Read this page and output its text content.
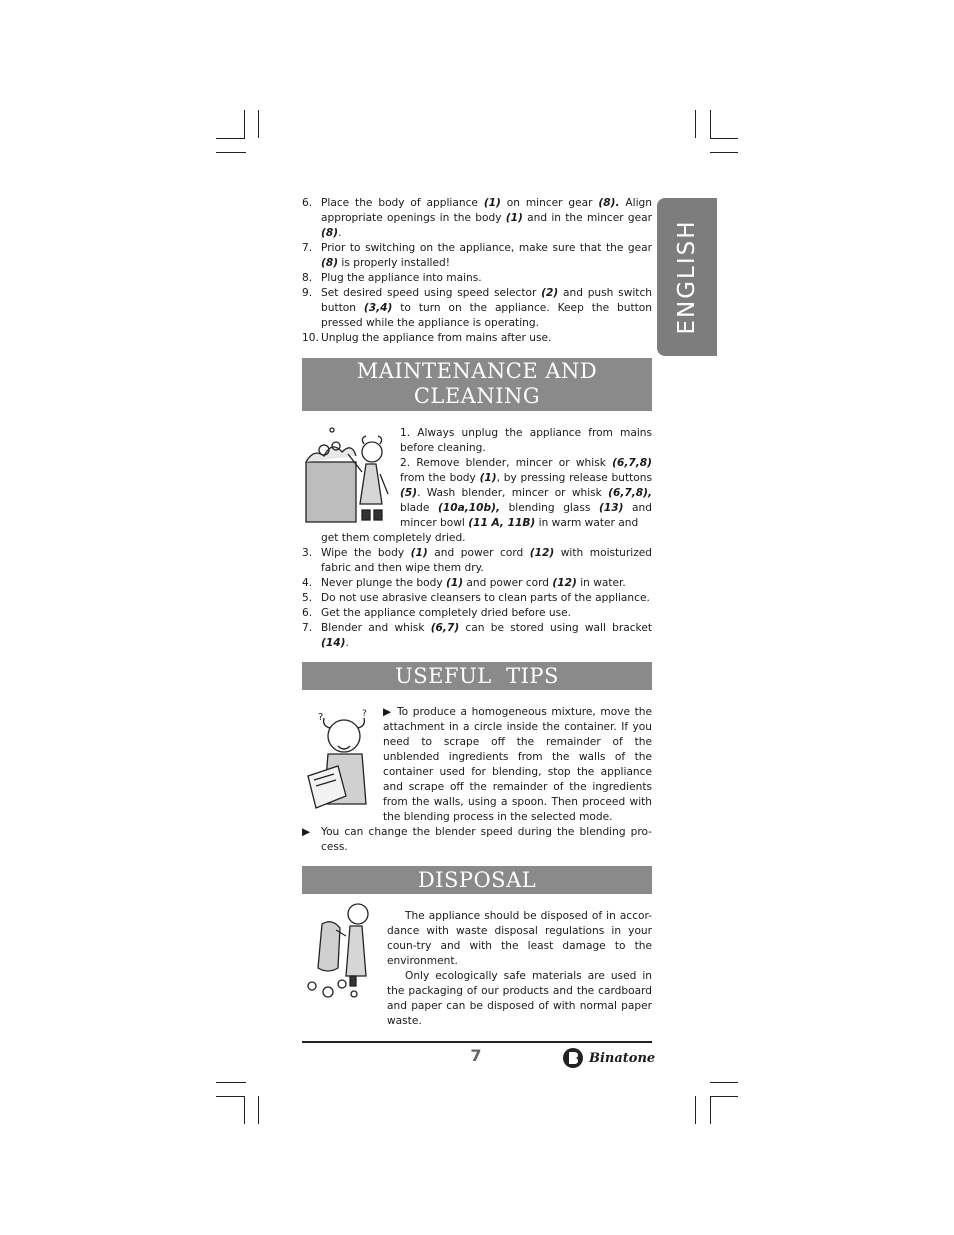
ENGLISH
6. Place the body of appliance (1) on mincer gear (8). Align appropriate openings in the body (1) and in the mincer gear (8).
7. Prior to switching on the appliance, make sure that the gear (8) is properly installed!
8. Plug the appliance into mains.
9. Set desired speed using speed selector (2) and push switch button (3,4) to turn on the appliance. Keep the button pressed while the appliance is operating.
10. Unplug the appliance from mains after use.
MAINTENANCE AND
CLEANING
1. Always unplug the appliance from mains before cleaning.
2. Remove blender, mincer or whisk (6,7,8) from the body (1), by pressing release buttons (5). Wash blender, mincer or whisk (6,7,8), blade (10a,10b), blending glass (13) and mincer bowl (11 A, 11B) in warm water and
get them completely dried.
3. Wipe the body (1) and power cord (12) with moisturized fabric and then wipe them dry.
4. Never plunge the body (1) and power cord (12) in water.
5. Do not use abrasive cleansers to clean parts of the appliance.
6. Get the appliance completely dried before use.
7. Blender and whisk (6,7) can be stored using wall bracket (14).
USEFUL  TIPS
?	? ▶ To produce a homogeneous mixture, move the attachment in a circle inside the container. If you need to scrape off the remainder of the unblended ingredients from the walls of the container used for blending, stop the appliance and scrape off the remainder of the ingredients from the walls, using a spoon. Then proceed with the blending process in the selected mode.
▶	You can change the blender speed during the blending pro-cess.
DISPOSAL
The appliance should be disposed of in accor-dance with waste disposal regulations in your coun-try and with the least damage to the environment.
Only ecologically safe materials are used in the packaging of our products and the cardboard and paper can be disposed of with normal paper waste.
7	Binatone
